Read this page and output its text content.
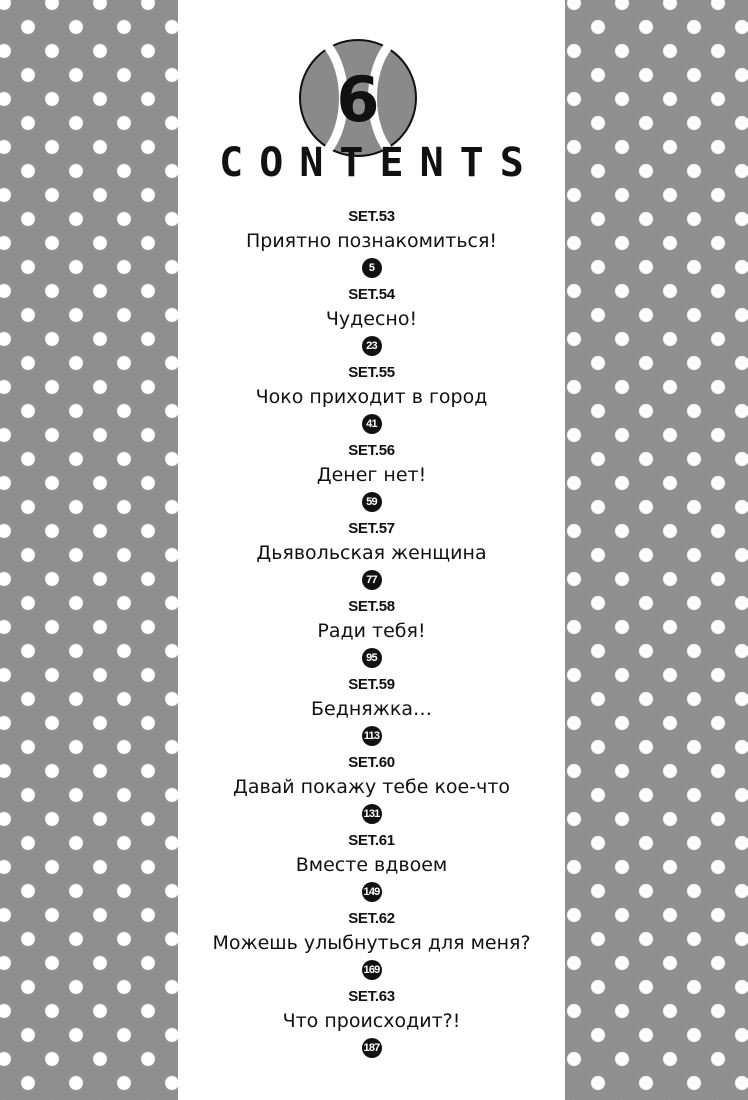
6
CONTENTS
SET.53
Приятно познакомиться!
5
SET.54
Чудесно!
23
SET.55
Чоко приходит в город
41
SET.56
Денег нет!
59
SET.57
Дьявольская женщина
77
SET.58
Ради тебя!
95
SET.59
Бедняжка…
113
SET.60
Давай покажу тебе кое-что
131
SET.61
Вместе вдвоем
149
SET.62
Можешь улыбнуться для меня?
169
SET.63
Что происходит?!
187
